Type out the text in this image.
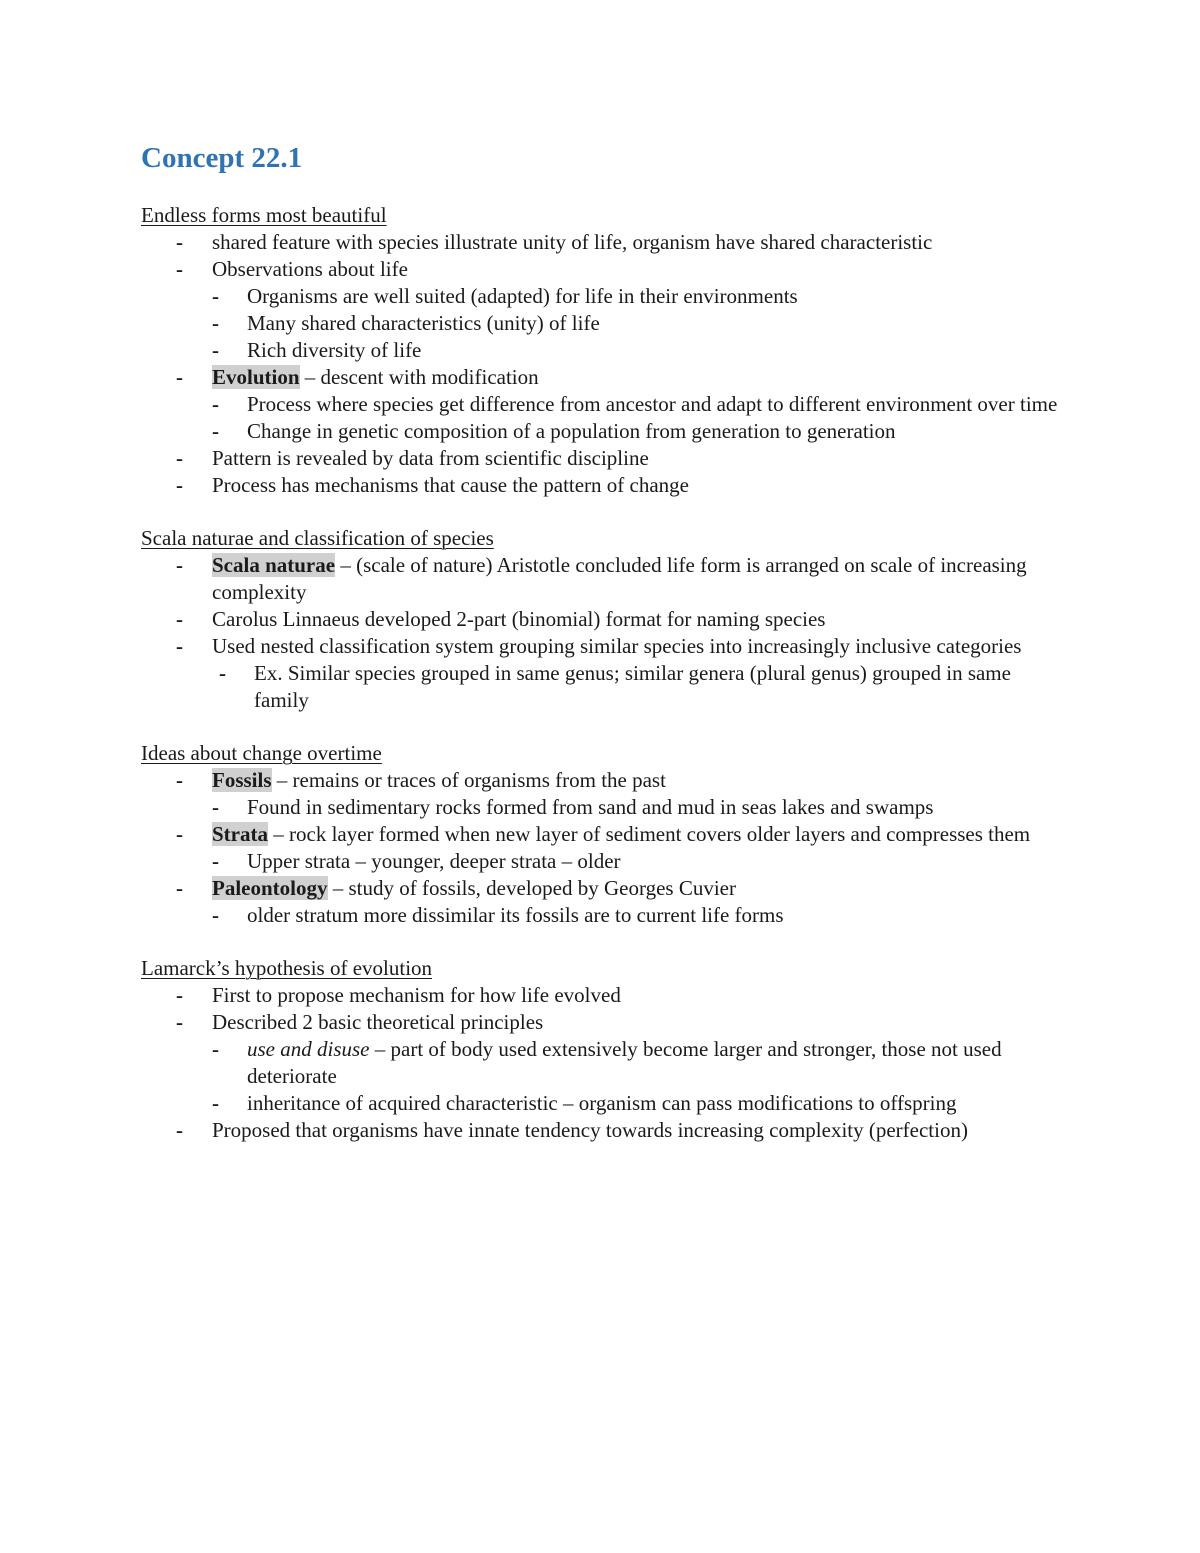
Concept 22.1
Endless forms most beautiful
- shared feature with species illustrate unity of life, organism have shared characteristic
- Observations about life
- Organisms are well suited (adapted) for life in their environments
- Many shared characteristics (unity) of life
- Rich diversity of life
- Evolution – descent with modification
- Process where species get difference from ancestor and adapt to different environment over time
- Change in genetic composition of a population from generation to generation
- Pattern is revealed by data from scientific discipline
- Process has mechanisms that cause the pattern of change
Scala naturae and classification of species
- Scala naturae – (scale of nature) Aristotle concluded life form is arranged on scale of increasing complexity
- Carolus Linnaeus developed 2-part (binomial) format for naming species
- Used nested classification system grouping similar species into increasingly inclusive categories
- Ex. Similar species grouped in same genus; similar genera (plural genus) grouped in same family
Ideas about change overtime
- Fossils – remains or traces of organisms from the past
- Found in sedimentary rocks formed from sand and mud in seas lakes and swamps
- Strata – rock layer formed when new layer of sediment covers older layers and compresses them
- Upper strata – younger, deeper strata – older
- Paleontology – study of fossils, developed by Georges Cuvier
- older stratum more dissimilar its fossils are to current life forms
Lamarck’s hypothesis of evolution
- First to propose mechanism for how life evolved
- Described 2 basic theoretical principles
- use and disuse – part of body used extensively become larger and stronger, those not used deteriorate
- inheritance of acquired characteristic – organism can pass modifications to offspring
- Proposed that organisms have innate tendency towards increasing complexity (perfection)
